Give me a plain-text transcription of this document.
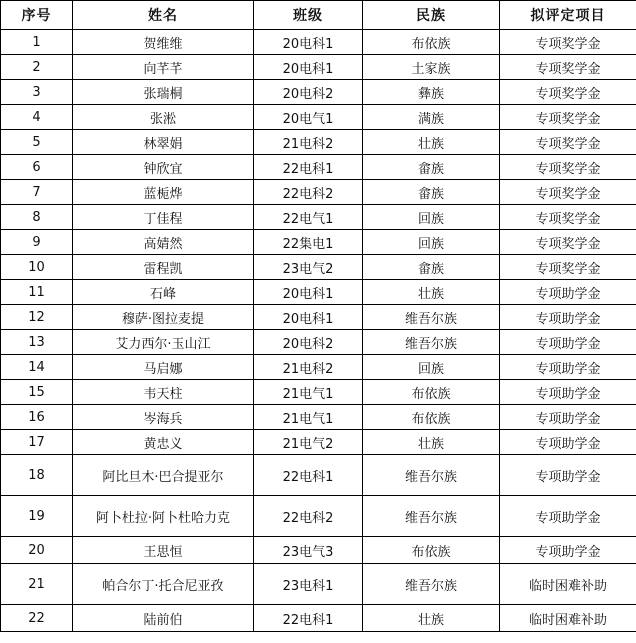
序号	姓名	班级	民族	拟评定项目
1	贺维维	20电科1	布依族	专项奖学金
2	向芊芊	20电科1	土家族	专项奖学金
3	张瑞桐	20电科2	彝族	专项奖学金
4	张淞	20电气1	满族	专项奖学金
5	林翠娟	21电科2	壮族	专项奖学金
6	钟欣宜	22电科1	畲族	专项奖学金
7	蓝栀烨	22电科2	畲族	专项奖学金
8	丁佳程	22电气1	回族	专项奖学金
9	高婧然	22集电1	回族	专项奖学金
10	雷程凯	23电气2	畲族	专项奖学金
11	石峰	20电科1	壮族	专项助学金
12	穆萨·图拉麦提	20电科1	维吾尔族	专项助学金
13	艾力西尔·玉山江	20电科2	维吾尔族	专项助学金
14	马启娜	21电科2	回族	专项助学金
15	韦天柱	21电气1	布依族	专项助学金
16	岑海兵	21电气1	布依族	专项助学金
17	黄忠义	21电气2	壮族	专项助学金
18	阿比旦木·巴合提亚尔	22电科1	维吾尔族	专项助学金
19	阿卜杜拉·阿卜杜哈力克	22电科2	维吾尔族	专项助学金
20	王思恒	23电气3	布依族	专项助学金
21	帕合尔丁·托合尼亚孜	23电科1	维吾尔族	临时困难补助
22	陆前伯	22电科1	壮族	临时困难补助
